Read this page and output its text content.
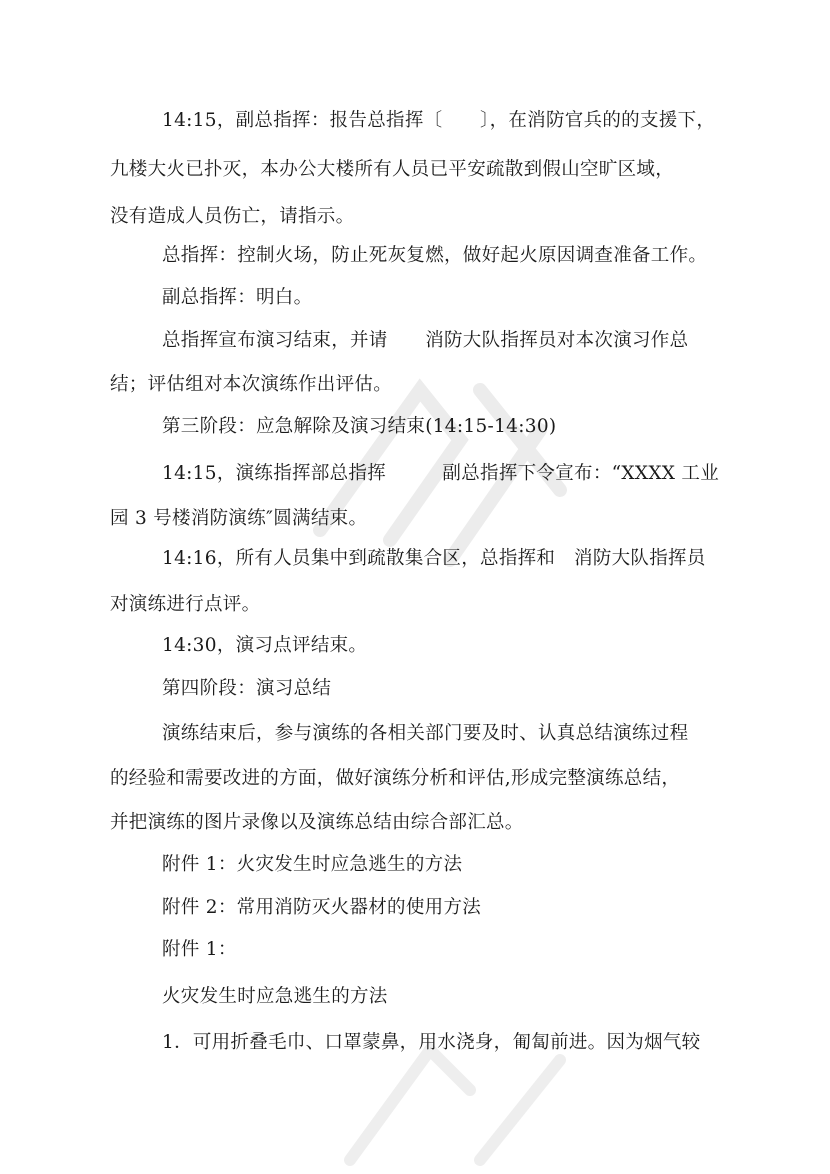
14:15，副总指挥：报告总指挥〔　　〕，在消防官兵的的支援下，
九楼大火已扑灭，本办公大楼所有人员已平安疏散到假山空旷区域，
没有造成人员伤亡，请指示。
总指挥：控制火场，防止死灰复燃，做好起火原因调查准备工作。
副总指挥：明白。
总指挥宣布演习结束，并请　　消防大队指挥员对本次演习作总
结；评估组对本次演练作出评估。
第三阶段：应急解除及演习结束(14:15-14:30)
14:15，演练指挥部总指挥　　　副总指挥下令宣布：“XXXX 工业
园 3 号楼消防演练″圆满结束。
14:16，所有人员集中到疏散集合区，总指挥和　消防大队指挥员
对演练进行点评。
14:30，演习点评结束。
第四阶段：演习总结
演练结束后，参与演练的各相关部门要及时、认真总结演练过程
的经验和需要改进的方面，做好演练分析和评估,形成完整演练总结，
并把演练的图片录像以及演练总结由综合部汇总。
附件 1：火灾发生时应急逃生的方法
附件 2：常用消防灭火器材的使用方法
附件 1：
火灾发生时应急逃生的方法
1．可用折叠毛巾、口罩蒙鼻，用水浇身，匍匐前进。因为烟气较
